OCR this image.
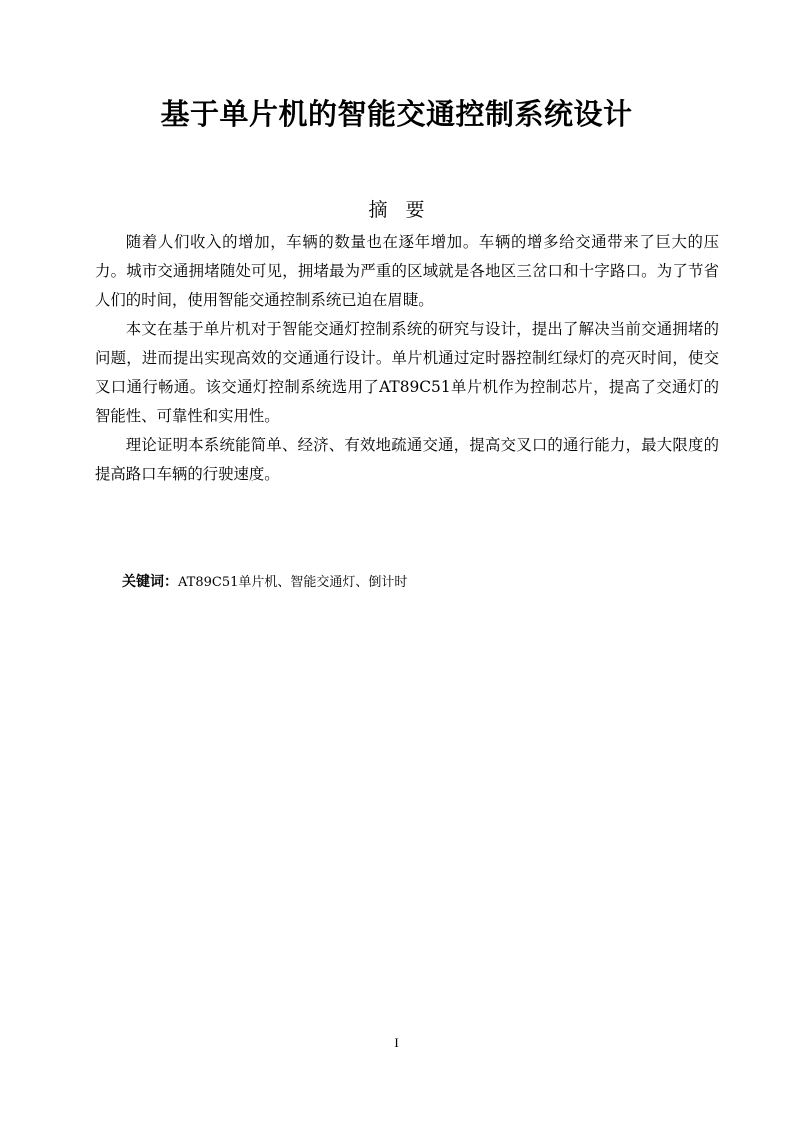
基于单片机的智能交通控制系统设计
摘要

随着人们收入的增加，车辆的数量也在逐年增加。车辆的增多给交通带来了巨大的压力。城市交通拥堵随处可见，拥堵最为严重的区域就是各地区三岔口和十字路口。为了节省人们的时间，使用智能交通控制系统已迫在眉睫。

本文在基于单片机对于智能交通灯控制系统的研究与设计，提出了解决当前交通拥堵的问题，进而提出实现高效的交通通行设计。单片机通过定时器控制红绿灯的亮灭时间，使交叉口通行畅通。该交通灯控制系统选用了AT89C51单片机作为控制芯片，提高了交通灯的智能性、可靠性和实用性。

理论证明本系统能简单、经济、有效地疏通交通，提高交叉口的通行能力，最大限度的提高路口车辆的行驶速度。

关键词：AT89C51单片机、智能交通灯、倒计时
I
